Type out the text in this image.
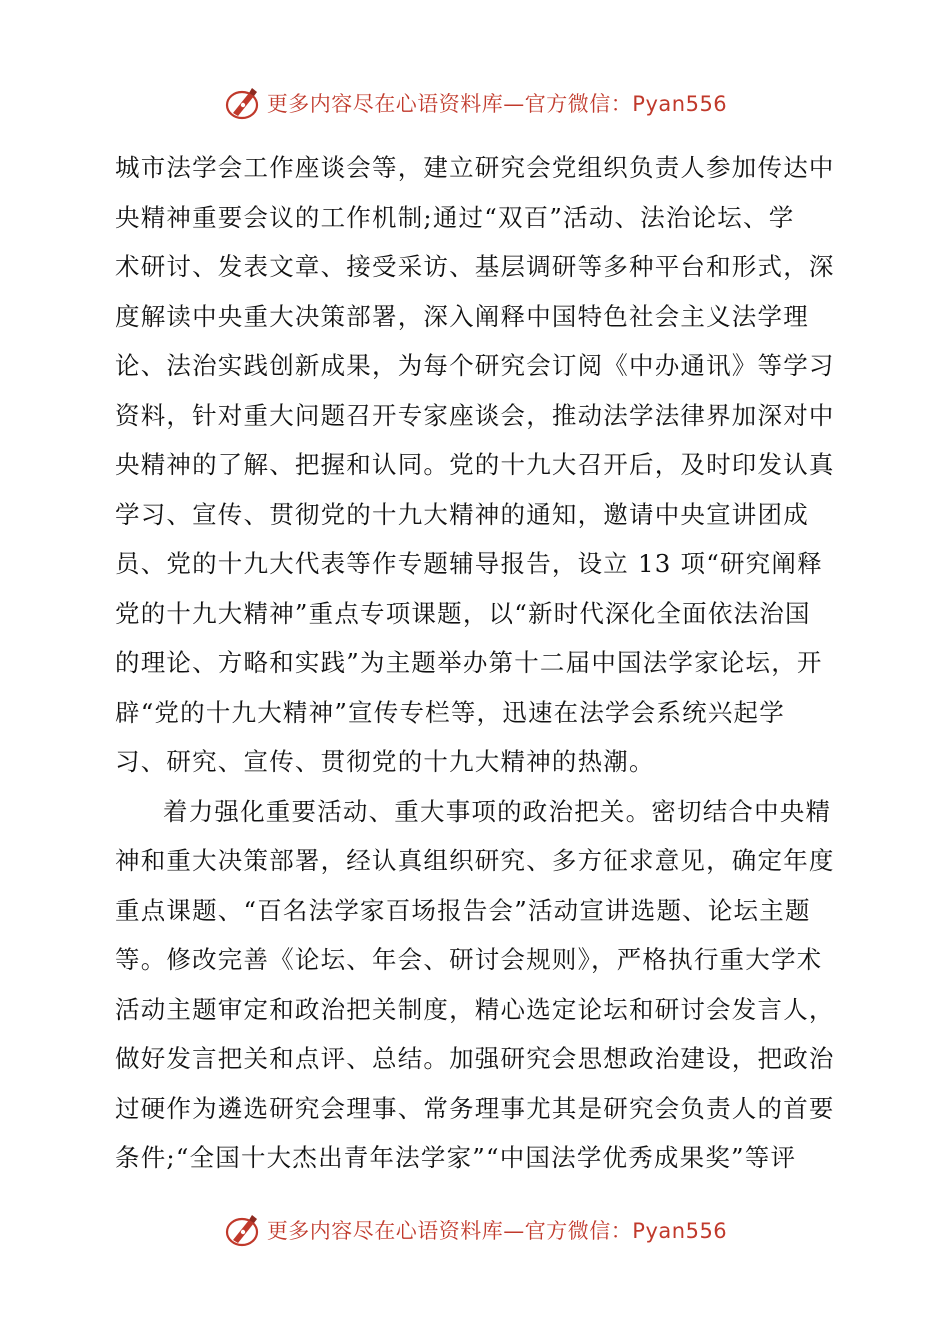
更多内容尽在心语资料库—官方微信：Pyan556
城市法学会工作座谈会等，建立研究会党组织负责人参加传达中
央精神重要会议的工作机制;通过“双百”活动、法治论坛、学
术研讨、发表文章、接受采访、基层调研等多种平台和形式，深
度解读中央重大决策部署，深入阐释中国特色社会主义法学理
论、法治实践创新成果，为每个研究会订阅《中办通讯》等学习
资料，针对重大问题召开专家座谈会，推动法学法律界加深对中
央精神的了解、把握和认同。党的十九大召开后，及时印发认真
学习、宣传、贯彻党的十九大精神的通知，邀请中央宣讲团成
员、党的十九大代表等作专题辅导报告，设立 13 项“研究阐释
党的十九大精神”重点专项课题，以“新时代深化全面依法治国
的理论、方略和实践”为主题举办第十二届中国法学家论坛，开
辟“党的十九大精神”宣传专栏等，迅速在法学会系统兴起学
习、研究、宣传、贯彻党的十九大精神的热潮。
着力强化重要活动、重大事项的政治把关。密切结合中央精
神和重大决策部署，经认真组织研究、多方征求意见，确定年度
重点课题、“百名法学家百场报告会”活动宣讲选题、论坛主题
等。修改完善《论坛、年会、研讨会规则》，严格执行重大学术
活动主题审定和政治把关制度，精心选定论坛和研讨会发言人，
做好发言把关和点评、总结。加强研究会思想政治建设，把政治
过硬作为遴选研究会理事、常务理事尤其是研究会负责人的首要
条件;“全国十大杰出青年法学家”“中国法学优秀成果奖”等评
更多内容尽在心语资料库—官方微信：Pyan556
